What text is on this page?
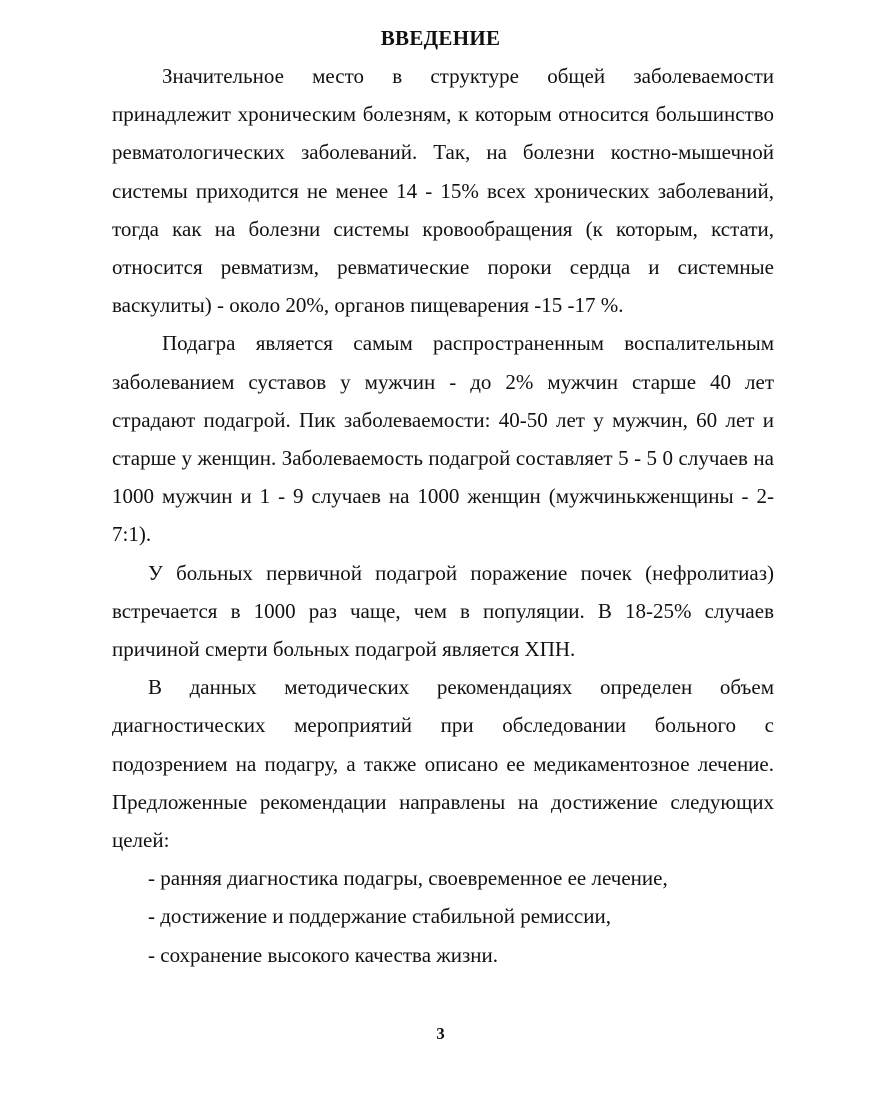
ВВЕДЕНИЕ

Значительное место в структуре общей заболеваемости принадлежит хроническим болезням, к которым относится большинство ревматологических заболеваний. Так, на болезни костно-мышечной системы приходится не менее 14 - 15% всех хронических заболеваний, тогда как на болезни системы кровообращения (к которым, кстати, относится ревматизм, ревматические пороки сердца и системные васкулиты) - около 20%, органов пищеварения -15 -17 %.

Подагра является самым распространенным воспалительным заболеванием суставов у мужчин - до 2% мужчин старше 40 лет страдают подагрой. Пик заболеваемости: 40-50 лет у мужчин, 60 лет и старше у женщин. Заболеваемость подагрой составляет 5 - 5 0 случаев на 1000 мужчин и 1 - 9 случаев на 1000 женщин (мужчинькженщины - 2-7:1).

У больных первичной подагрой поражение почек (нефролитиаз) встречается в 1000 раз чаще, чем в популяции. В 18-25% случаев причиной смерти больных подагрой является ХПН.

В данных методических рекомендациях определен объем диагностических мероприятий при обследовании больного с подозрением на подагру, а также описано ее медикаментозное лечение. Предложенные рекомендации направлены на достижение следующих целей:

- ранняя диагностика подагры, своевременное ее лечение,
- достижение и поддержание стабильной ремиссии,
- сохранение высокого качества жизни.
3
